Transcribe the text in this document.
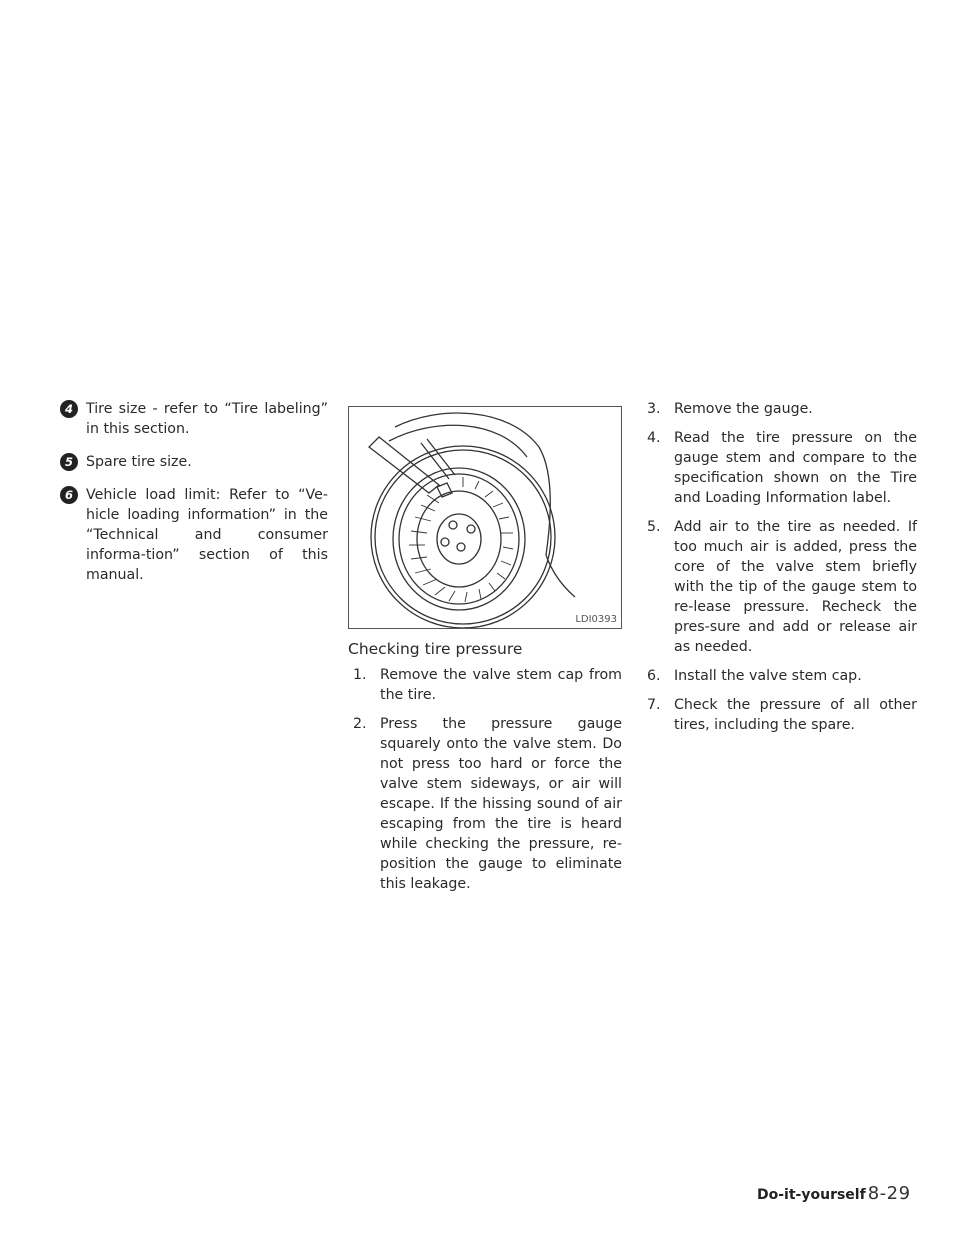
4 Tire size - refer to “Tire labeling” in this section.
5 Spare tire size.
6 Vehicle load limit: Refer to “Ve-hicle loading information” in the “Technical and consumer informa-tion” section of this manual.
LDI0393
Checking tire pressure
1. Remove the valve stem cap from the tire.
2. Press the pressure gauge squarely onto the valve stem. Do not press too hard or force the valve stem sideways, or air will escape. If the hissing sound of air escaping from the tire is heard while checking the pressure, re-position the gauge to eliminate this leakage.
3. Remove the gauge.
4. Read the tire pressure on the gauge stem and compare to the specification shown on the Tire and Loading Information label.
5. Add air to the tire as needed. If too much air is added, press the core of the valve stem briefly with the tip of the gauge stem to re-lease pressure. Recheck the pres-sure and add or release air as needed.
6. Install the valve stem cap.
7. Check the pressure of all other tires, including the spare.
Do-it-yourself 8-29
